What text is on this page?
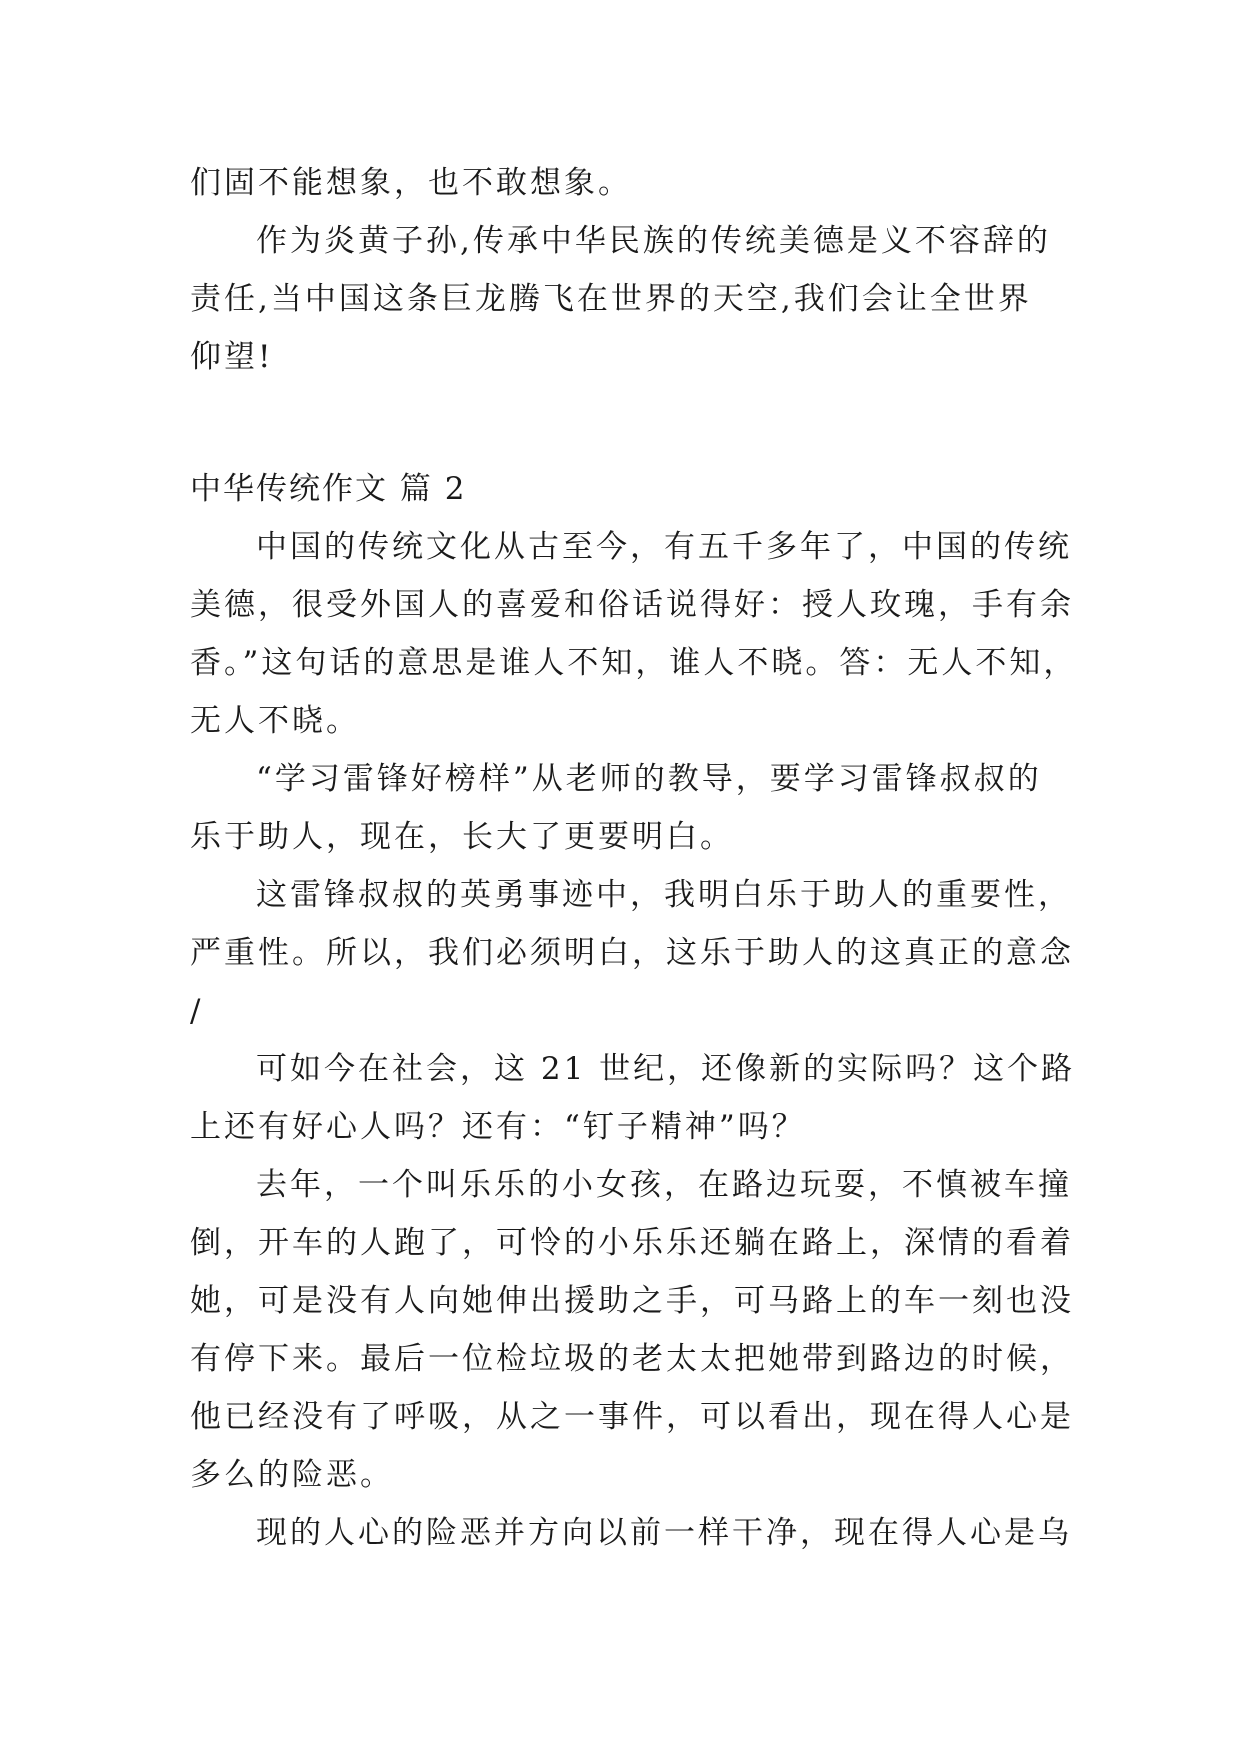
们固不能想象，也不敢想象。
作为炎黄子孙,传承中华民族的传统美德是义不容辞的
责任,当中国这条巨龙腾飞在世界的天空,我们会让全世界
仰望!
中华传统作文 篇 2
中国的传统文化从古至今，有五千多年了，中国的传统
美德，很受外国人的喜爱和俗话说得好：授人玫瑰，手有余
香。”这句话的意思是谁人不知，谁人不晓。答：无人不知，
无人不晓。
“学习雷锋好榜样”从老师的教导，要学习雷锋叔叔的
乐于助人，现在，长大了更要明白。
这雷锋叔叔的英勇事迹中，我明白乐于助人的重要性，
严重性。所以，我们必须明白，这乐于助人的这真正的意念
/
可如今在社会，这 21 世纪，还像新的实际吗？这个路
上还有好心人吗？还有：“钉子精神”吗？
去年，一个叫乐乐的小女孩，在路边玩耍，不慎被车撞
倒，开车的人跑了，可怜的小乐乐还躺在路上，深情的看着
她，可是没有人向她伸出援助之手，可马路上的车一刻也没
有停下来。最后一位检垃圾的老太太把她带到路边的时候，
他已经没有了呼吸，从之一事件，可以看出，现在得人心是
多么的险恶。
现的人心的险恶并方向以前一样干净，现在得人心是乌
